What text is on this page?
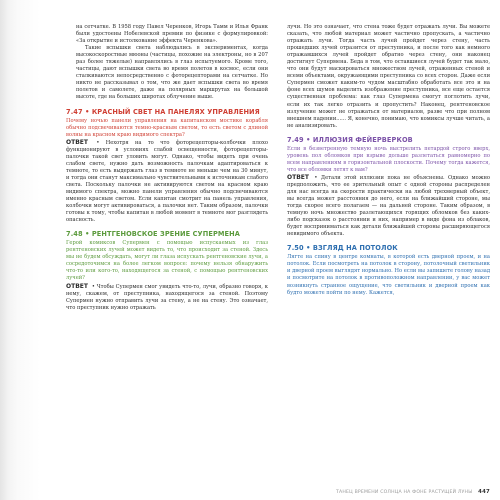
на сетчатке. В 1958 году Павел Черенков, Игорь Тамм и Илья Франк были удостоены Нобелевской премии по физике с формулировкой: «За открытие и истолкование эффекта Черенкова».

Такие вспышки света наблюдались в экспериментах, когда высокоскоростные мюоны (частицы, похожие на электроны, но в 207 раз более тяжелые) направлялись в глаз испытуемого. Кроме того, частицы, дают вспышки света во время полетов в космос, если они сталкиваются непосредственно с фоторецепторами на сетчатке. Но никто не рассказывал о том, что же дает вспышки света во время полетов и самолете, даже на полярных маршрутах на большой высоте, где на больших широтах облучение выше.

7.47 • КРАСНЫЙ СВЕТ НА ПАНЕЛЯХ УПРАВЛЕНИЯ

Почему ночью панели управления на капитанском мостике корабля обычно подсвечиваются темно-красным светом, то есть светом с длиной волны на красном краю видимого спектра?

ОТВЕТ • Нехотря на то что фоторецепторы-колбочки плохо функционируют в условиях слабой освещенности, фоторецепторы-палочки такой свет уловить могут. Однако, чтобы видеть при очень слабом свете, нужно дать возможность палочкам адаптироваться к темноте, то есть выдержать глаз в темноте не меньше чем на 30 минут, и тогда они станут максимально чувствительными к источникам слабого света. Поскольку палочки не активируются светом на красном краю видимого спектра, можно панели управления обычно подсвечиваются именно красным светом. Если капитан смотрит на панель управления, колбочки могут активироваться, а палочки нет. Таким образом, палочки готовы к тому, чтобы капитан в любой момент в темноте мог разглядеть опасность.

7.48 • РЕНТГЕНОВСКОЕ ЗРЕНИЕ СУПЕРМЕНА

Герой комиксов Супермен с помощью испускаемых из глаз рентгеновских лучей может видеть то, что происходит за стеной. Здесь мы не будем обсуждать, могут ли глаза испускать рентгеновские лучи, а сосредоточимся на более легком вопросе: почему нельзя обнаружить что-то или кого-то, находящегося за стеной, с помощью рентгеновских лучей?

ОТВЕТ • Чтобы Супермен смог увидеть что-то, лучи, образно говоря, к нему, скажем, от преступника, находящегося за стеной. Поэтому Супермен нужно отправить лучи за стену, а не на стену. Это означает, что преступник нужно отражать

лучи. Но это означает, что стена тоже будет отражать лучи. Вы можете сказать, что любой материал может частично пропускать, а частично отражать лучи. Тогда часть лучей пройдет через стену, часть прошедших лучей отразится от преступника, и после того как немного отражавшихся лучей пройдет обратно через стену, они наконец достигнут Супермена. Беда в том, что оставшиеся лучей будет так мало, что они будут маскироваться множеством лучей, отраженных стеной и всеми объектами, окружающими преступника со всех сторон. Даже если Супермен сможет каким-то чудом масштабно обработать все это и на фоне всех шумов выделить изображение преступника, все еще остается существенная проблема: как глаз Супермена смогут поглотить лучи, если их так легко отразить и пропустить? Наконец, рентгеновское излучение может не отражаться от материалов, разве что при полном внешнем падении...... Я, конечно, понимаю, что комиксы лучше читать, а не анализировать.

7.49 • ИЛЛЮЗИЯ ФЕЙЕРВЕРКОВ

Если в безветренную темную ночь выстрелить петардой строго вверх, уровень пол обломков при взрыве дольше разлетаться равномерно по всем направлениям в горизонтальной плоскости. Почему тогда кажется, что все обломки летят к вам?

ОТВЕТ • Детали этой иллюзии пока не объяснены. Однако можно предположить, что ее зрительный опыт с одной стороны распределен для нас всегда на скорости практически на любой трехмерный объект, вы всегда может расстояния до него, если на ближайший стороне, мы тогда скорее всего полагаем — на дальней стороне. Таким образом, в темную ночь множество разлетающихся горящих обломков без каких-либо подсказок о расстоянии и них, например в виде фона из облаков, будет восприниматься как детали ближайшей стороны расширяющегося невидимого объекта.

7.50 • ВЗГЛЯД НА ПОТОЛОК

Лягте на спину в центре комнаты, в которой есть дверной проем, и на потолок. Если посмотреть на потолок в сторону, потолочный светильник и дверной проем выглядят нормально. Но если вы запишете голову назад и посмотрите на потолок в противоположном направлении, у вас может возникнуть странное ощущение, что светильник и дверной проем как будто можете пойти по нему. Кажется,

ТАНЕЦ ВРЕМЕНИ СОЛНЦА НА ФОНЕ РАСТУЩЕЙ ЛУНЫ 447
